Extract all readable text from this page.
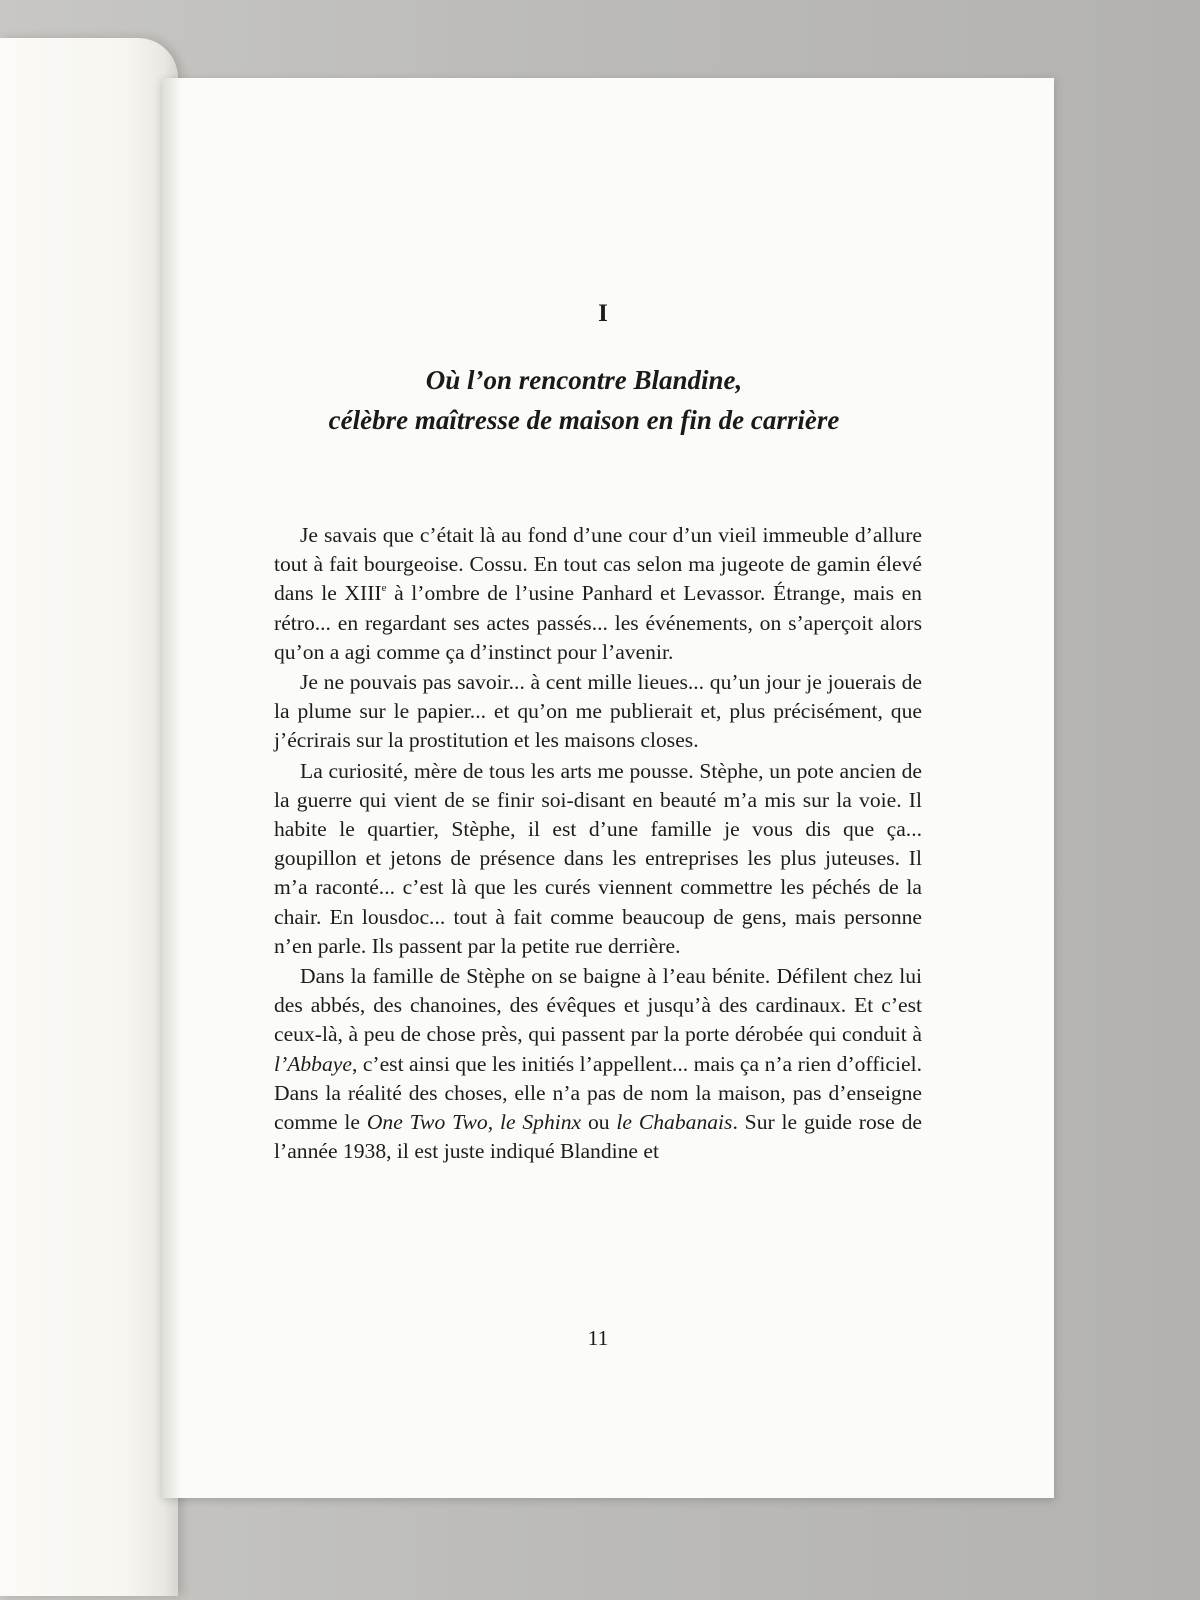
I
Où l’on rencontre Blandine,
célèbre maîtresse de maison en fin de carrière

Je savais que c’était là au fond d’une cour d’un vieil immeuble d’allure tout à fait bourgeoise. Cossu. En tout cas selon ma jugeote de gamin élevé dans le XIIIe à l’ombre de l’usine Panhard et Levassor. Étrange, mais en rétro... en regardant ses actes passés... les événements, on s’aperçoit alors qu’on a agi comme ça d’instinct pour l’avenir.

Je ne pouvais pas savoir... à cent mille lieues... qu’un jour je jouerais de la plume sur le papier... et qu’on me publierait et, plus précisément, que j’écrirais sur la prostitution et les maisons closes.

La curiosité, mère de tous les arts me pousse. Stèphe, un pote ancien de la guerre qui vient de se finir soi-disant en beauté m’a mis sur la voie. Il habite le quartier, Stèphe, il est d’une famille je vous dis que ça... goupillon et jetons de présence dans les entreprises les plus juteuses. Il m’a raconté... c’est là que les curés viennent commettre les péchés de la chair. En lousdoc... tout à fait comme beaucoup de gens, mais personne n’en parle. Ils passent par la petite rue derrière.

Dans la famille de Stèphe on se baigne à l’eau bénite. Défilent chez lui des abbés, des chanoines, des évêques et jusqu’à des cardinaux. Et c’est ceux-là, à peu de chose près, qui passent par la porte dérobée qui conduit à l’Abbaye, c’est ainsi que les initiés l’appellent... mais ça n’a rien d’officiel. Dans la réalité des choses, elle n’a pas de nom la maison, pas d’enseigne comme le One Two Two, le Sphinx ou le Chabanais. Sur le guide rose de l’année 1938, il est juste indiqué Blandine et

11
